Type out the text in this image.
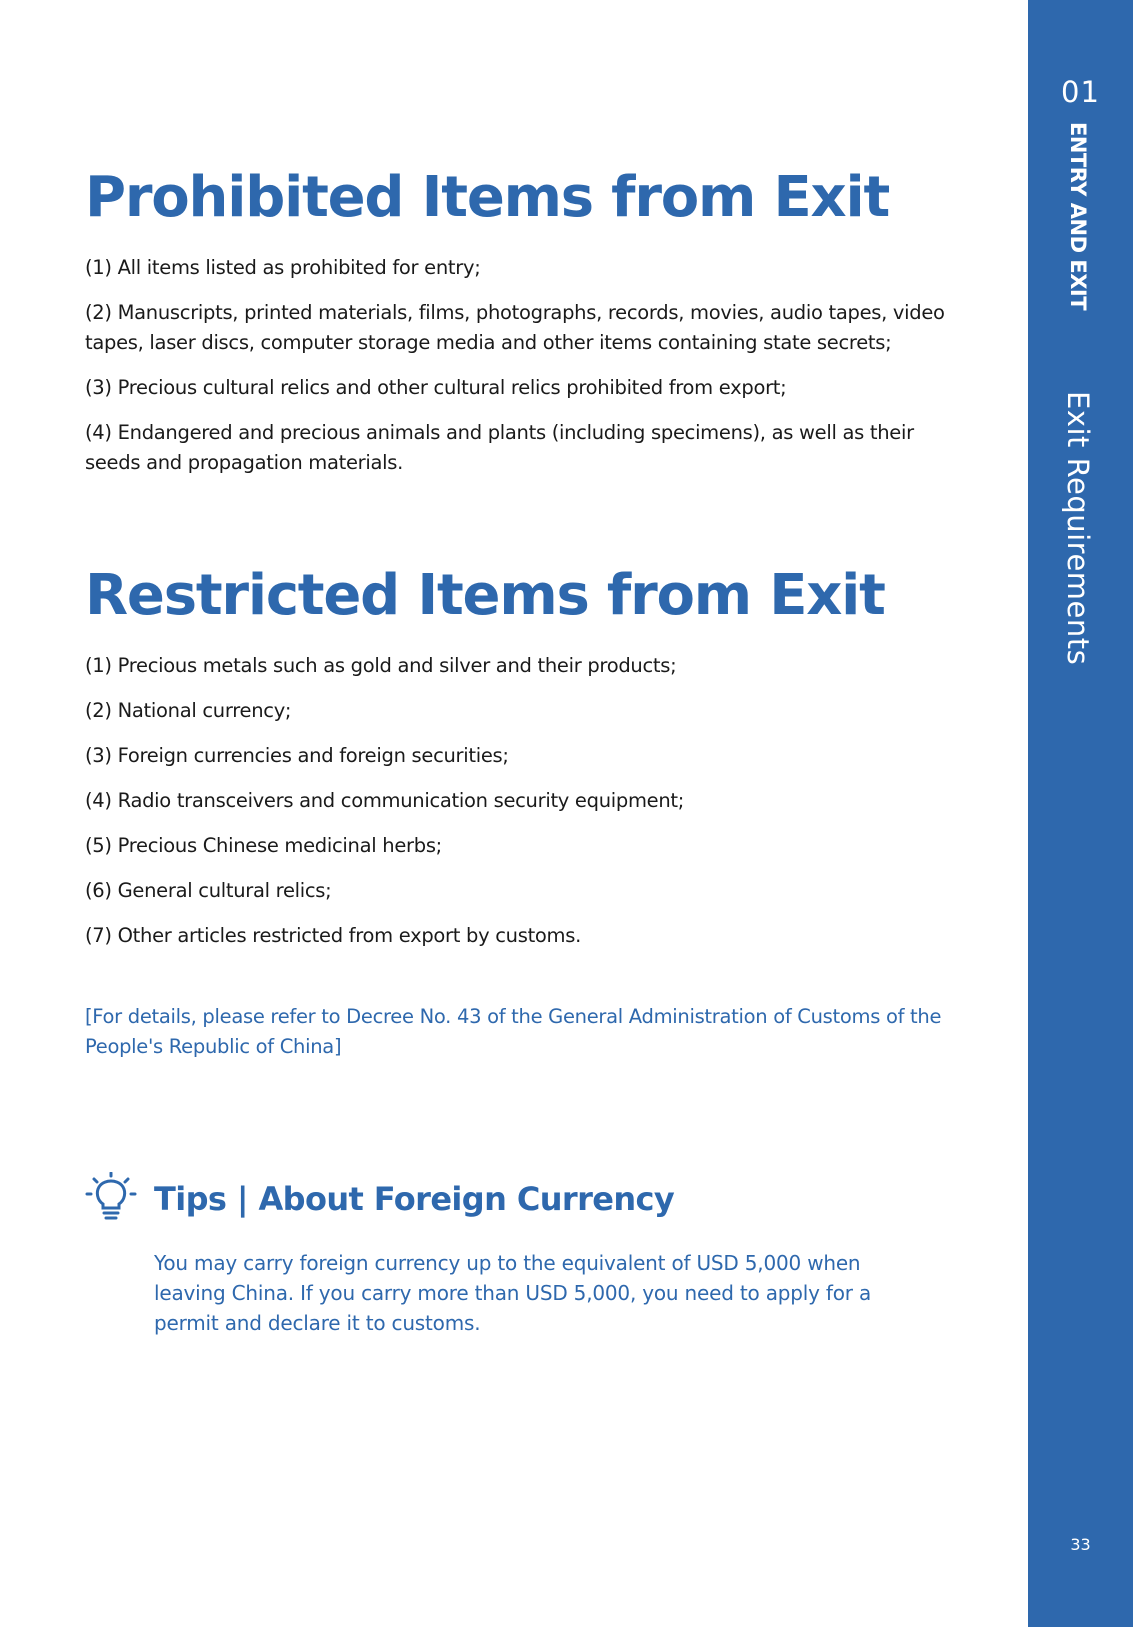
Prohibited Items from Exit
(1) All items listed as prohibited for entry;
(2) Manuscripts, printed materials, films, photographs, records, movies, audio tapes, video tapes, laser discs, computer storage media and other items containing state secrets;
(3) Precious cultural relics and other cultural relics prohibited from export;
(4) Endangered and precious animals and plants (including specimens), as well as their seeds and propagation materials.
Restricted Items from Exit
(1) Precious metals such as gold and silver and their products;
(2) National currency;
(3) Foreign currencies and foreign securities;
(4) Radio transceivers and communication security equipment;
(5) Precious Chinese medicinal herbs;
(6) General cultural relics;
(7) Other articles restricted from export by customs.

[For details, please refer to Decree No. 43 of the General Administration of Customs of the People's Republic of China]

Tips | About Foreign Currency

You may carry foreign currency up to the equivalent of USD 5,000 when leaving China. If you carry more than USD 5,000, you need to apply for a permit and declare it to customs.

01
ENTRY AND EXIT
Exit Requirements
33
